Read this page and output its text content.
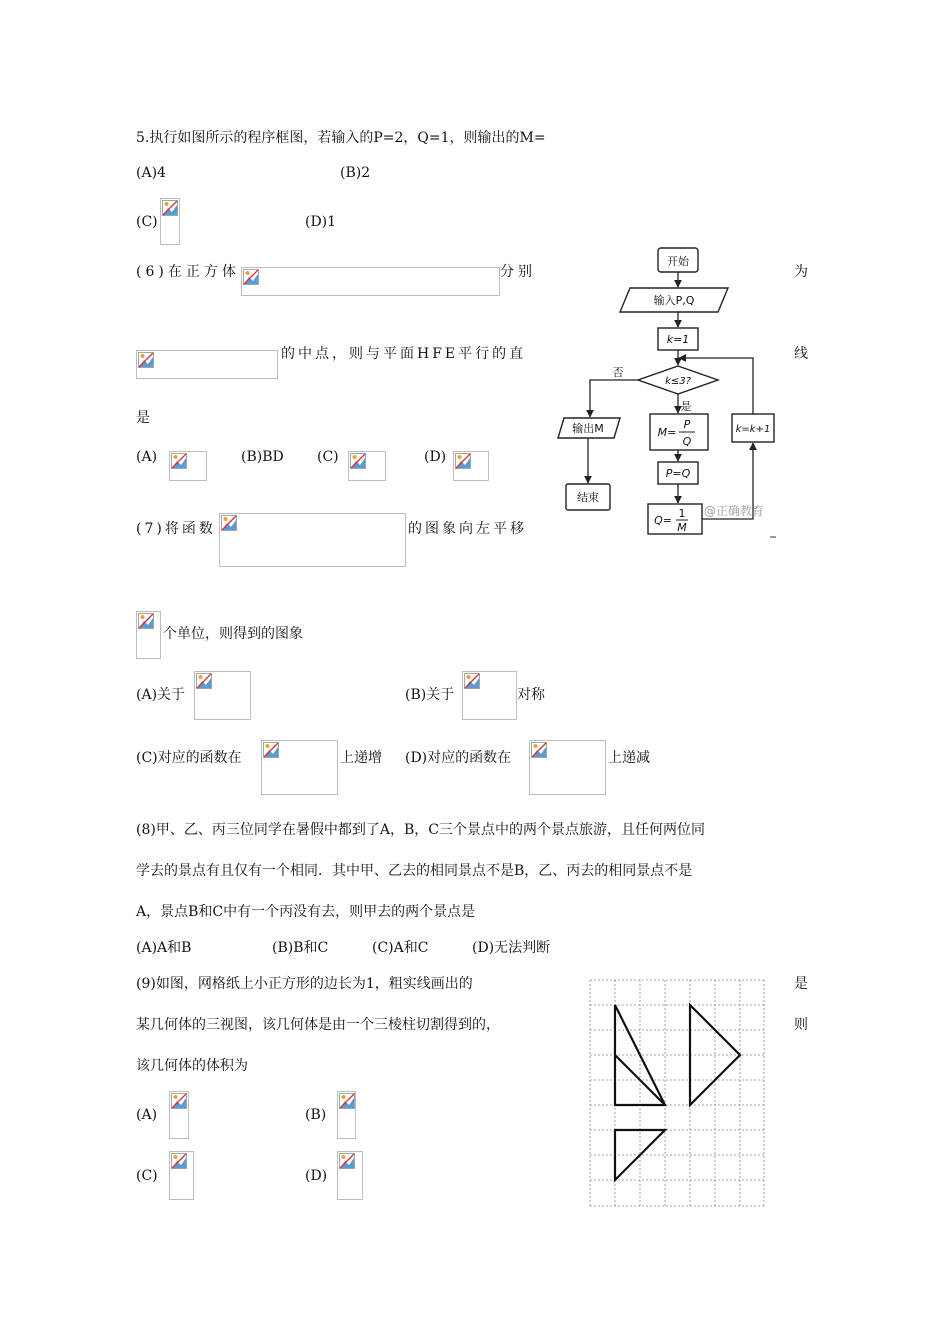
5.执行如图所示的程序框图，若输入的P=2，Q=1，则输出的M=
(A)4	(B)2
(C)	(D)1
(6)在正方体	分别	为
的中点，则与平面HFE平行的直	线
是
(A)	(B)BD (C)	(D)
(7)将函数	的图象向左平移
个单位，则得到的图象
(A)关于	(B)关于	对称
(C)对应的函数在	上递增 (D)对应的函数在	上递减
(8)甲、乙、丙三位同学在暑假中都到了A，B，C三个景点中的两个景点旅游，且任何两位同
学去的景点有且仅有一个相同．其中甲、乙去的相同景点不是B，乙、丙去的相同景点不是
A，景点B和C中有一个丙没有去，则甲去的两个景点是
(A)A和B	(B)B和C	(C)A和C	(D)无法判断
(9)如图，网格纸上小正方形的边长为1，粗实线画出的	是
某几何体的三视图，该几何体是由一个三棱柱切割得到的，	则
该几何体的体积为
(A)	(B)
(C)	(D)
开始
输入P,Q
k=1
k≤3?
否
是
输出M
结束
M=
P
Q
P=Q
Q=
1
M
k=k+1
@正确教育
